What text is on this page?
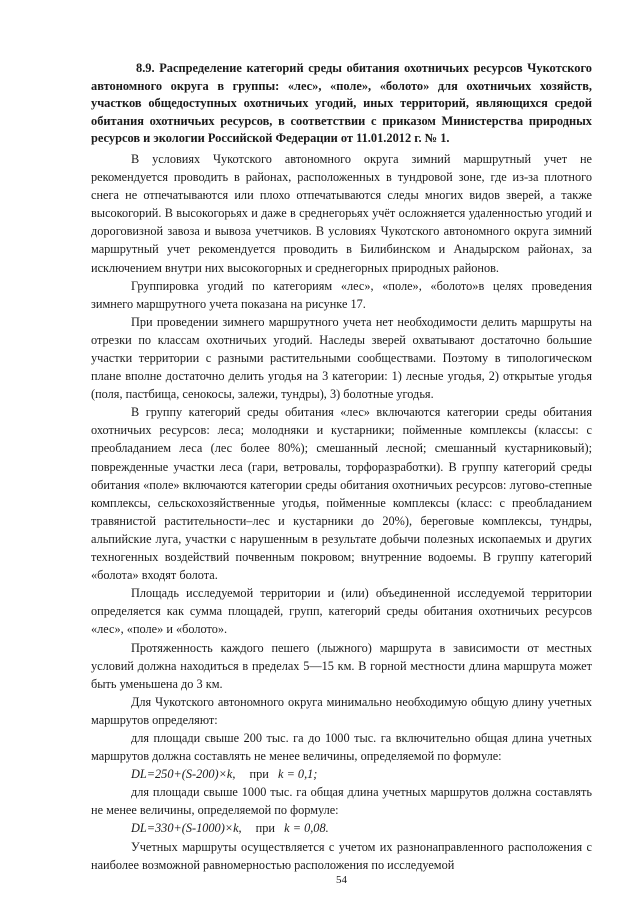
8.9. Распределение категорий среды обитания охотничьих ресурсов Чукотского автономного округа в группы: «лес», «поле», «болото» для охотничьих хозяйств, участков общедоступных охотничьих угодий, иных территорий, являющихся средой обитания охотничьих ресурсов, в соответствии с приказом Министерства природных ресурсов и экологии Российской Федерации от 11.01.2012 г. № 1.

В условиях Чукотского автономного округа зимний маршрутный учет не рекомендуется проводить в районах, расположенных в тундровой зоне, где из-за плотного снега не отпечатываются или плохо отпечатываются следы многих видов зверей, а также высокогорий. В высокогорьях и даже в среднегорьях учёт осложняется удаленностью угодий и дороговизной завоза и вывоза учетчиков. В условиях Чукотского автономного округа зимний маршрутный учет рекомендуется проводить в Билибинском и Анадырском районах, за исключением внутри них высокогорных и среднегорных природных районов.

Группировка угодий по категориям «лес», «поле», «болото»в целях проведения зимнего маршрутного учета показана на рисунке 17.

При проведении зимнего маршрутного учета нет необходимости делить маршруты на отрезки по классам охотничьих угодий. Наследы зверей охватывают достаточно большие участки территории с разными растительными сообществами. Поэтому в типологическом плане вполне достаточно делить угодья на 3 категории: 1) лесные угодья, 2) открытые угодья (поля, пастбища, сенокосы, залежи, тундры), 3) болотные угодья.

В группу категорий среды обитания «лес» включаются категории среды обитания охотничьих ресурсов: леса; молодняки и кустарники; пойменные комплексы (классы: с преобладанием леса (лес более 80%); смешанный лесной; смешанный кустарниковый); поврежденные участки леса (гари, ветровалы, торфоразработки). В группу категорий среды обитания «поле» включаются категории среды обитания охотничьих ресурсов: лугово-степные комплексы, сельскохозяйственные угодья, пойменные комплексы (класс: с преобладанием травянистой растительности–лес и кустарники до 20%), береговые комплексы, тундры, альпийские луга, участки с нарушенным в результате добычи полезных ископаемых и других техногенных воздействий почвенным покровом; внутренние водоемы. В группу категорий «болота» входят болота.

Площадь исследуемой территории и (или) объединенной исследуемой территории определяется как сумма площадей, групп, категорий среды обитания охотничьих ресурсов «лес», «поле» и «болото».

Протяженность каждого пешего (лыжного) маршрута в зависимости от местных условий должна находиться в пределах 5—15 км. В горной местности длина маршрута может быть уменьшена до 3 км.

Для Чукотского автономного округа минимально необходимую общую длину учетных маршрутов определяют:

для площади свыше 200 тыс. га до 1000 тыс. га включительно общая длина учетных маршрутов должна составлять не менее величины, определяемой по формуле:

DL=250+(S-200)×k, при k = 0,1;

для площади свыше 1000 тыс. га общая длина учетных маршрутов должна составлять не менее величины, определяемой по формуле:

DL=330+(S-1000)×k, при k = 0,08.

Учетных маршруты осуществляется с учетом их разнонаправленного расположения с наиболее возможной равномерностью расположения по исследуемой

54
